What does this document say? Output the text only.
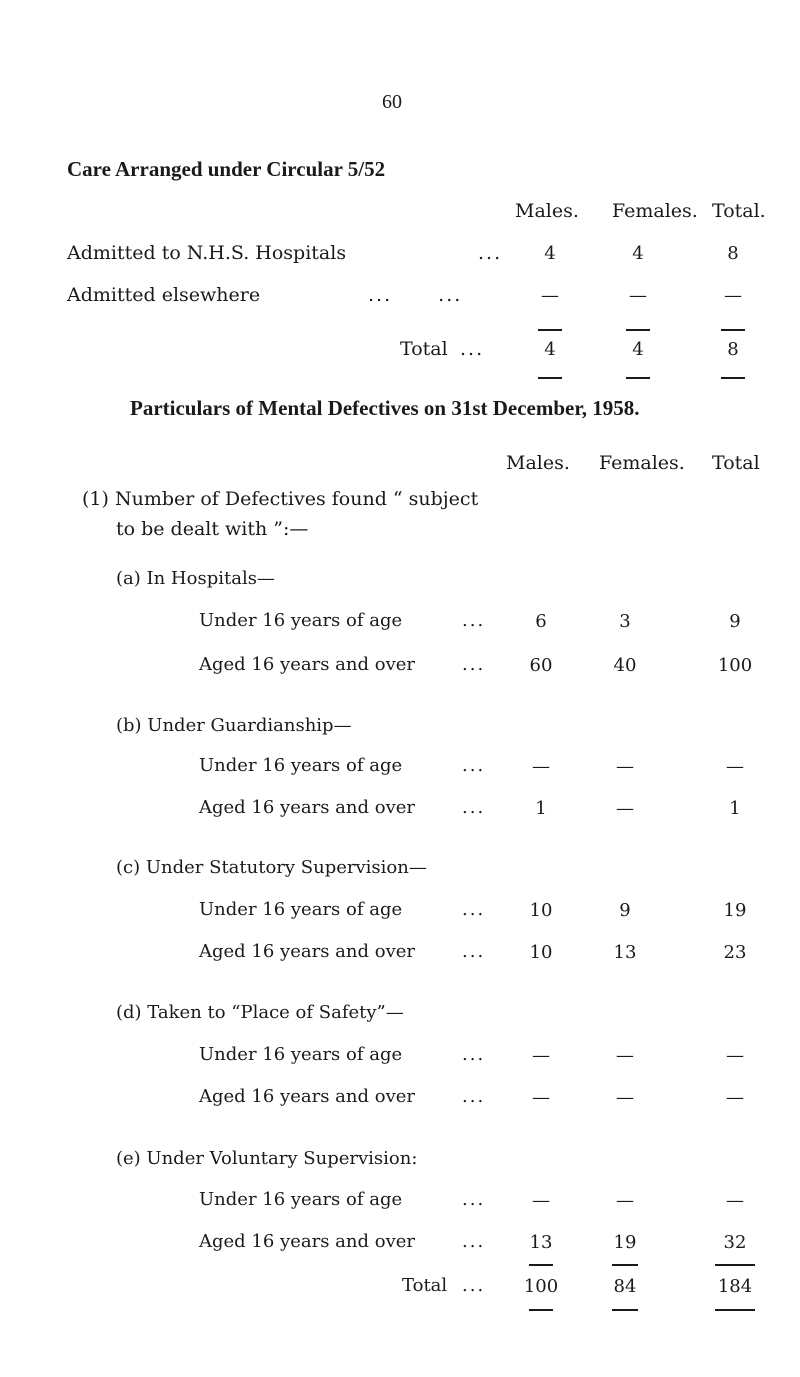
60
Care Arranged under Circular 5/52
Males. Females. Total.
Admitted to N.H.S. Hospitals	...	4	4	8
Admitted elsewhere	... ...	—	—	—
Total ...	4	4	8
Particulars of Mental Defectives on 31st December, 1958.
Males. Females. Total
(1) Number of Defectives found “ subject
to be dealt with ”:—
(a) In Hospitals—
Under 16 years of age	...	6	3	9
Aged 16 years and over	...	60	40	100
(b) Under Guardianship—
Under 16 years of age	...	—	—	—
Aged 16 years and over	...	1	—	1
(c) Under Statutory Supervision—
Under 16 years of age	...	10	9	19
Aged 16 years and over	...	10	13	23
(d) Taken to “Place of Safety”—
Under 16 years of age	...	—	—	—
Aged 16 years and over	...	—	—	—
(e) Under Voluntary Supervision:
Under 16 years of age	...	—	—	—
Aged 16 years and over	...	13	19	32
Total ...	100	84	184
